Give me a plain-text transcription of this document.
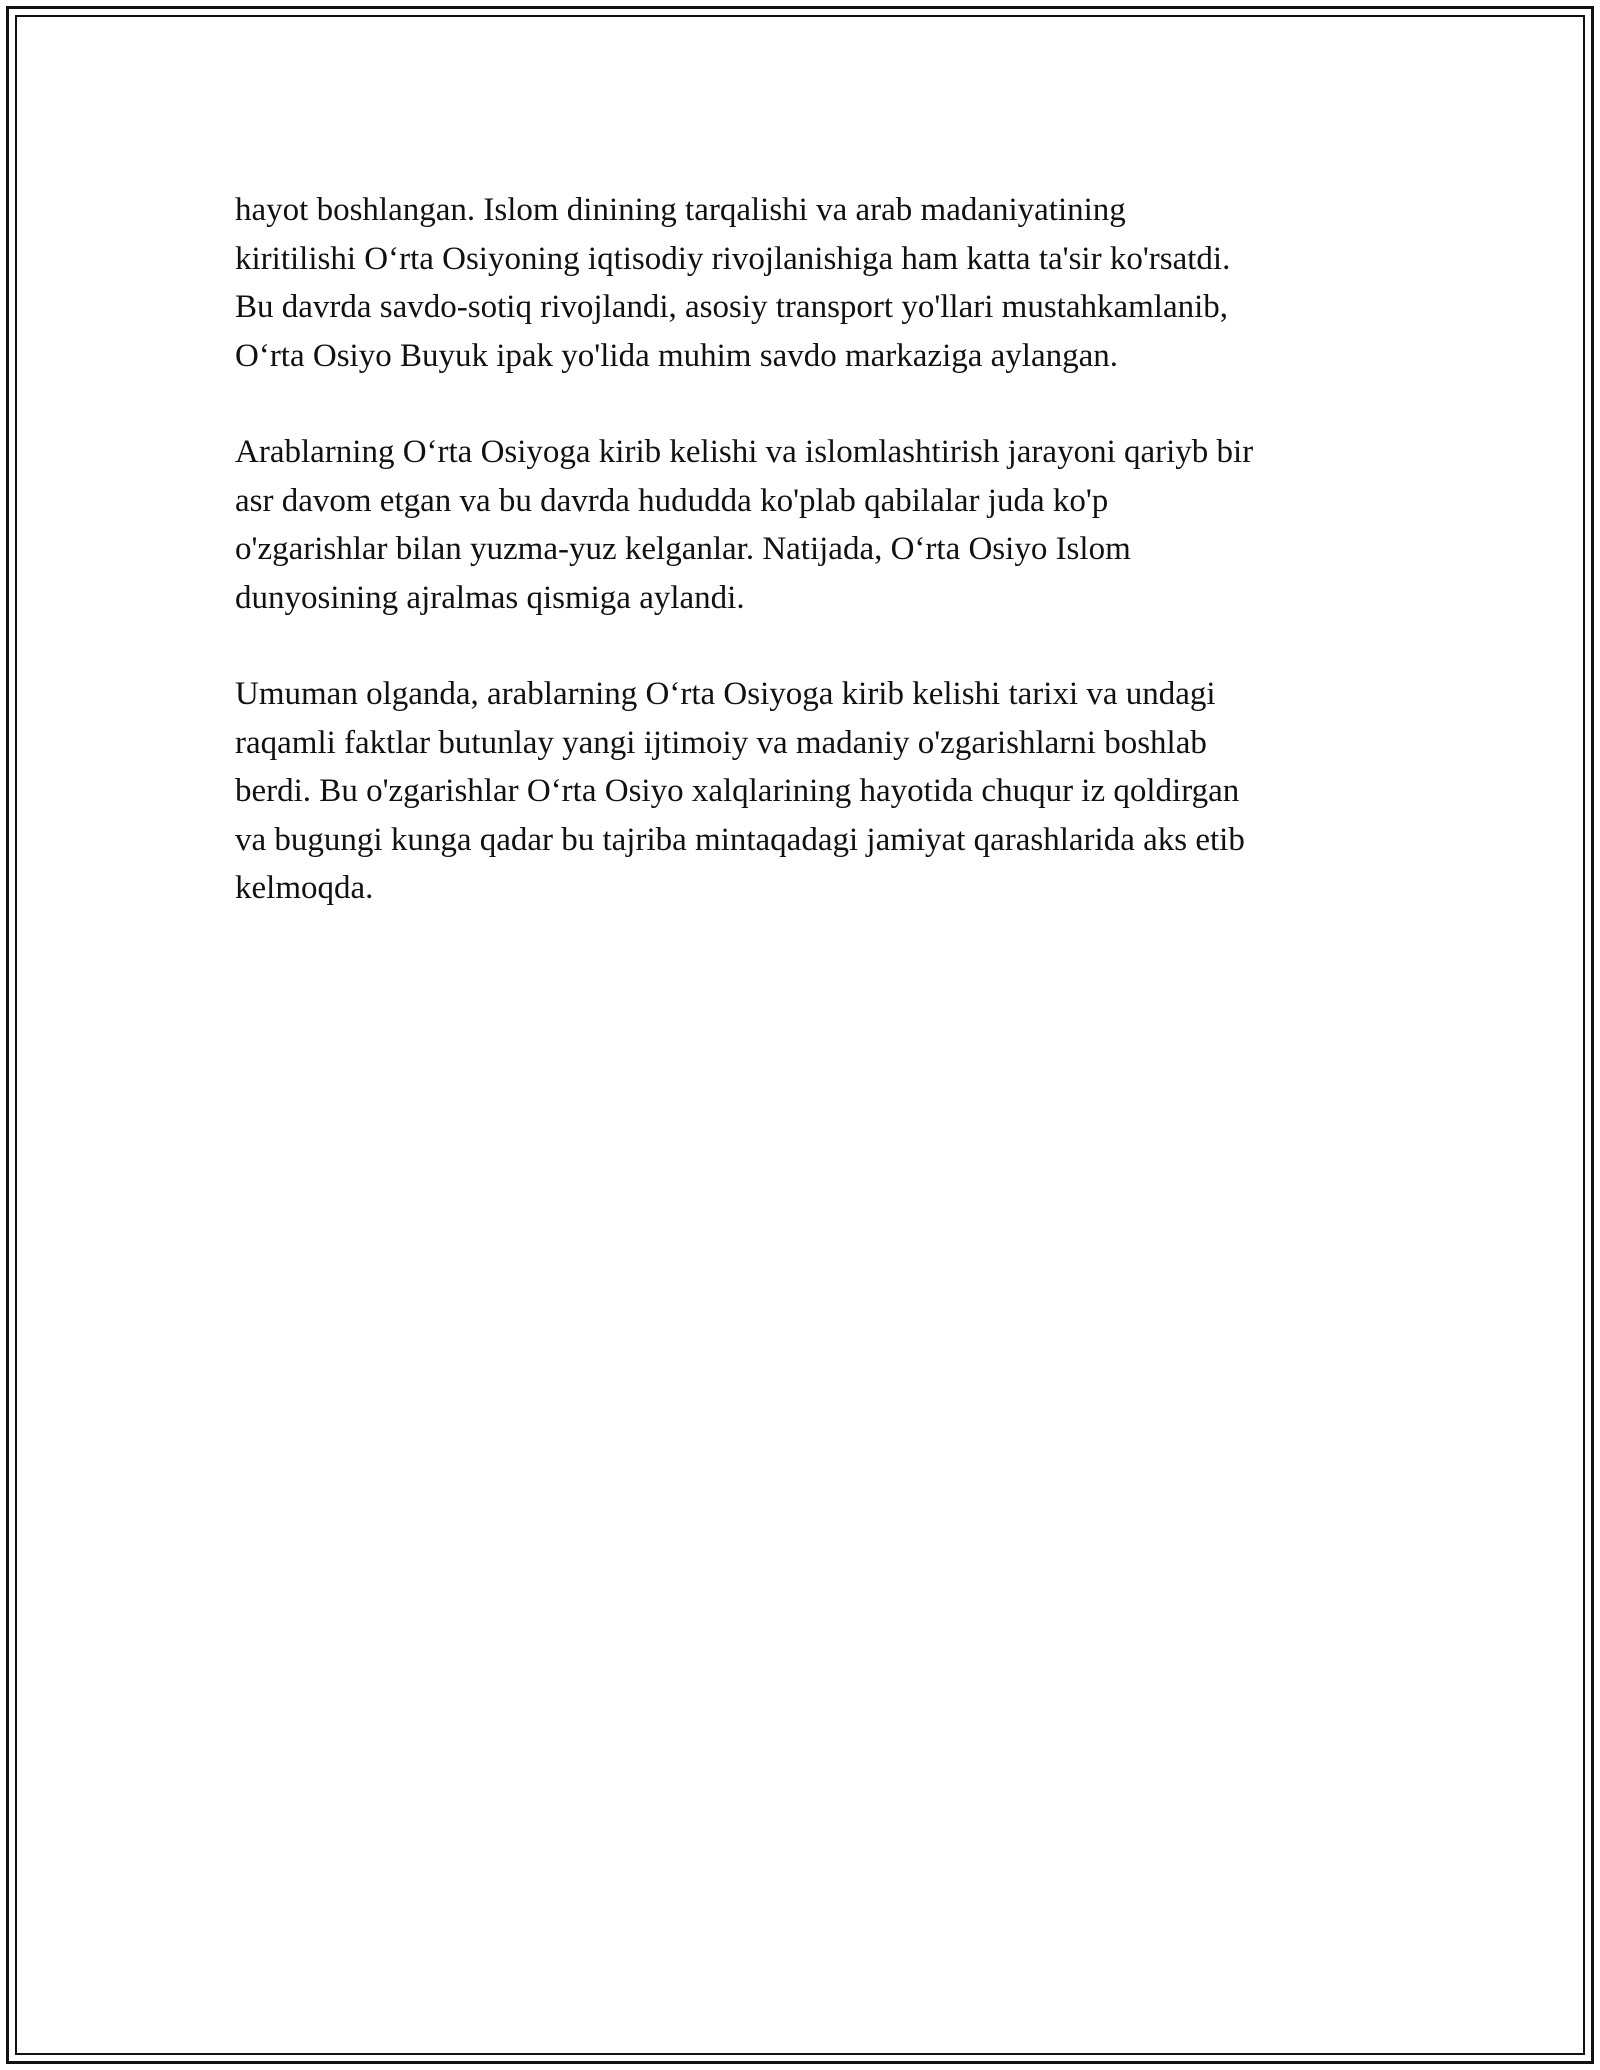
hayot boshlangan. Islom dinining tarqalishi va arab madaniyatining
kiritilishi O‘rta Osiyoning iqtisodiy rivojlanishiga ham katta ta'sir ko'rsatdi.
Bu davrda savdo-sotiq rivojlandi, asosiy transport yo'llari mustahkamlanib,
O‘rta Osiyo Buyuk ipak yo'lida muhim savdo markaziga aylangan.

Arablarning O‘rta Osiyoga kirib kelishi va islomlashtirish jarayoni qariyb bir
asr davom etgan va bu davrda hududda ko'plab qabilalar juda ko'p
o'zgarishlar bilan yuzma-yuz kelganlar. Natijada, O‘rta Osiyo Islom
dunyosining ajralmas qismiga aylandi.

Umuman olganda, arablarning O‘rta Osiyoga kirib kelishi tarixi va undagi
raqamli faktlar butunlay yangi ijtimoiy va madaniy o'zgarishlarni boshlab
berdi. Bu o'zgarishlar O‘rta Osiyo xalqlarining hayotida chuqur iz qoldirgan
va bugungi kunga qadar bu tajriba mintaqadagi jamiyat qarashlarida aks etib
kelmoqda.
